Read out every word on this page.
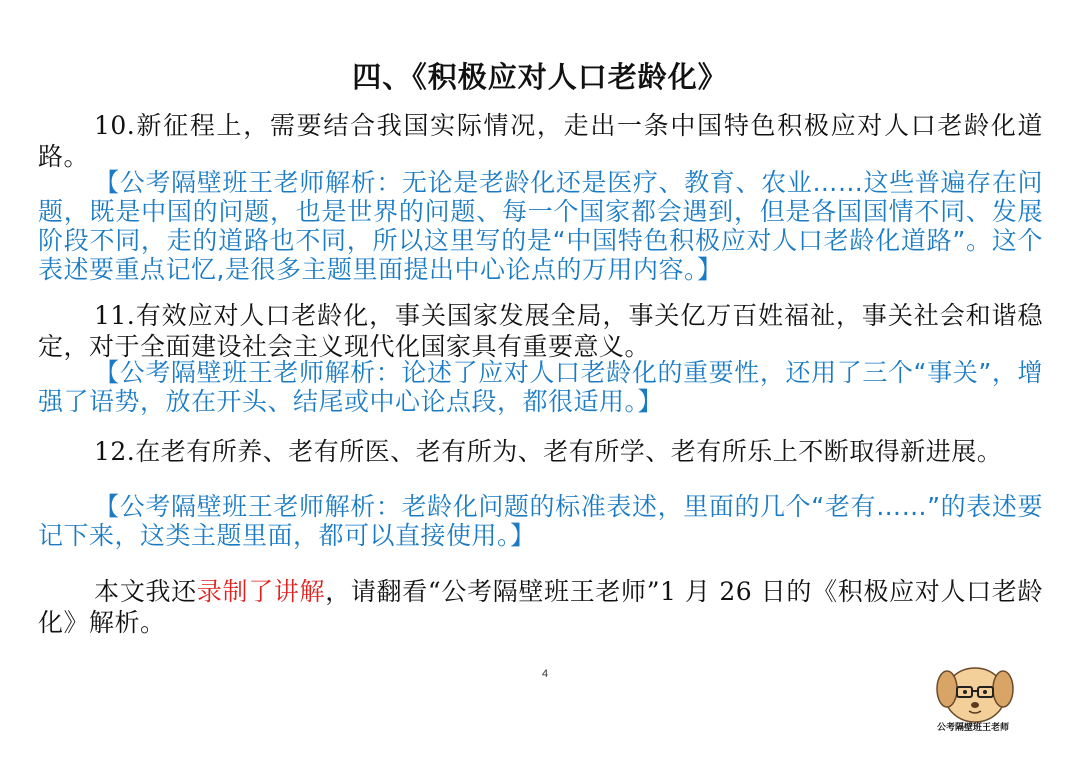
四、《积极应对人口老龄化》

10.新征程上，需要结合我国实际情况，走出一条中国特色积极应对人口老龄化道路。

【公考隔壁班王老师解析：无论是老龄化还是医疗、教育、农业……这些普遍存在问题，既是中国的问题，也是世界的问题、每一个国家都会遇到，但是各国国情不同、发展阶段不同，走的道路也不同，所以这里写的是“中国特色积极应对人口老龄化道路”。这个表述要重点记忆,是很多主题里面提出中心论点的万用内容。】

11.有效应对人口老龄化，事关国家发展全局，事关亿万百姓福祉，事关社会和谐稳定，对于全面建设社会主义现代化国家具有重要意义。

【公考隔壁班王老师解析：论述了应对人口老龄化的重要性，还用了三个“事关”，增强了语势，放在开头、结尾或中心论点段，都很适用。】

12.在老有所养、老有所医、老有所为、老有所学、老有所乐上不断取得新进展。

【公考隔壁班王老师解析：老龄化问题的标准表述，里面的几个“老有……”的表述要记下来，这类主题里面，都可以直接使用。】

本文我还录制了讲解，请翻看“公考隔壁班王老师”1 月 26 日的《积极应对人口老龄化》解析。

4
公考隔壁班王老师
